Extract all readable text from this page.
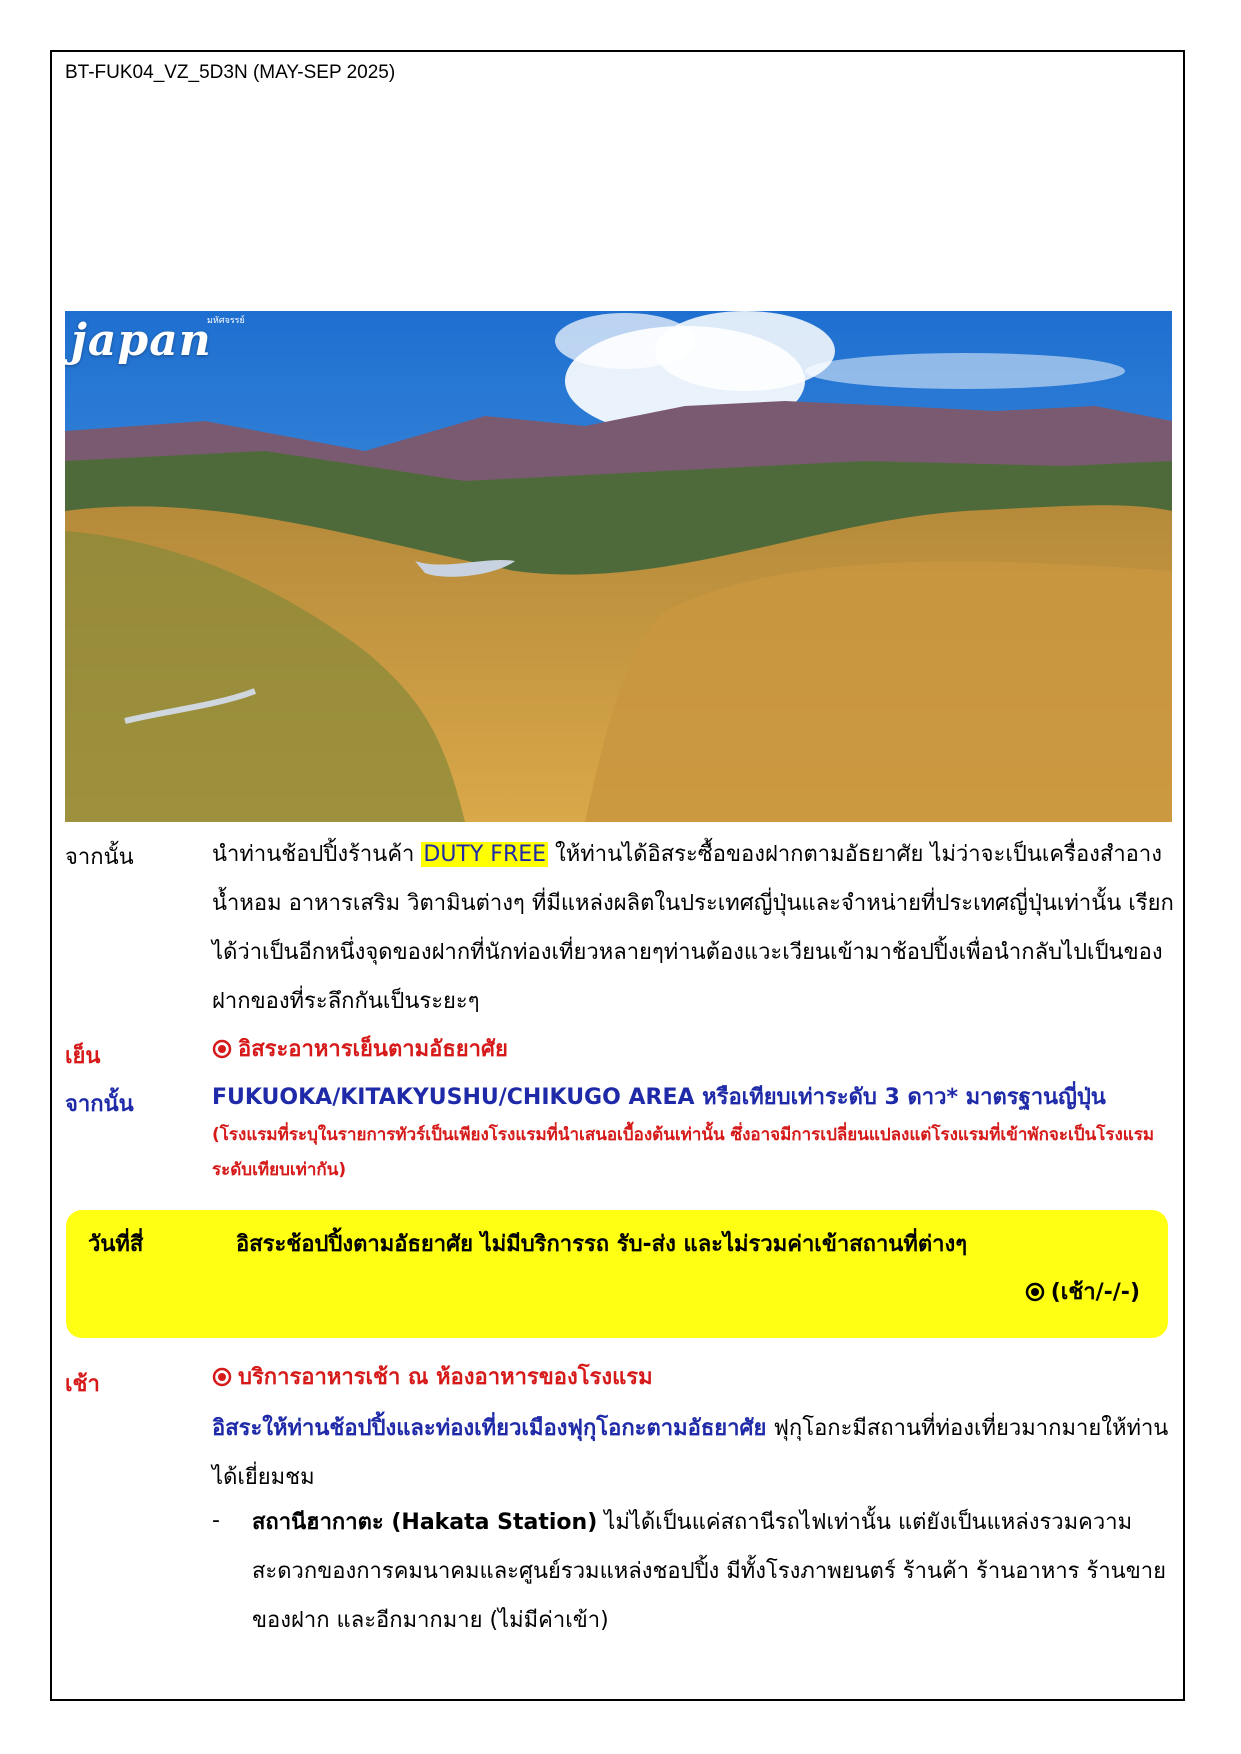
BT-FUK04_VZ_5D3N (MAY-SEP 2025)
japan
มหัศจรรย์
จากนั้น	นำท่านช้อปปิ้งร้านค้า DUTY FREE ให้ท่านได้อิสระซื้อของฝากตามอัธยาศัย ไม่ว่าจะเป็นเครื่องสำอาง น้ำหอม อาหารเสริม วิตามินต่างๆ ที่มีแหล่งผลิตในประเทศญี่ปุ่นและจำหน่ายที่ประเทศญี่ปุ่นเท่านั้น เรียกได้ว่าเป็นอีกหนึ่งจุดของฝากที่นักท่องเที่ยวหลายๆท่านต้องแวะเวียนเข้ามาช้อปปิ้งเพื่อนำกลับไปเป็นของฝากของที่ระลึกกันเป็นระยะๆ
เย็น	อิสระอาหารเย็นตามอัธยาศัย
จากนั้น	FUKUOKA/KITAKYUSHU/CHIKUGO AREA หรือเทียบเท่าระดับ 3 ดาว* มาตรฐานญี่ปุ่น
(โรงแรมที่ระบุในรายการทัวร์เป็นเพียงโรงแรมที่นำเสนอเบื้องต้นเท่านั้น ซึ่งอาจมีการเปลี่ยนแปลงแต่โรงแรมที่เข้าพักจะเป็นโรงแรมระดับเทียบเท่ากัน)
วันที่สี่	อิสระช้อปปิ้งตามอัธยาศัย ไม่มีบริการรถ รับ-ส่ง และไม่รวมค่าเข้าสถานที่ต่างๆ
(เช้า/-/-)
เช้า	บริการอาหารเช้า ณ ห้องอาหารของโรงแรม
อิสระให้ท่านช้อปปิ้งและท่องเที่ยวเมืองฟุกุโอกะตามอัธยาศัย ฟุกุโอกะมีสถานที่ท่องเที่ยวมากมายให้ท่านได้เยี่ยมชม
- สถานีฮากาตะ (Hakata Station) ไม่ได้เป็นแค่สถานีรถไฟเท่านั้น แต่ยังเป็นแหล่งรวมความสะดวกของการคมนาคมและศูนย์รวมแหล่งชอปปิ้ง มีทั้งโรงภาพยนตร์ ร้านค้า ร้านอาหาร ร้านขายของฝาก และอีกมากมาย (ไม่มีค่าเข้า)
